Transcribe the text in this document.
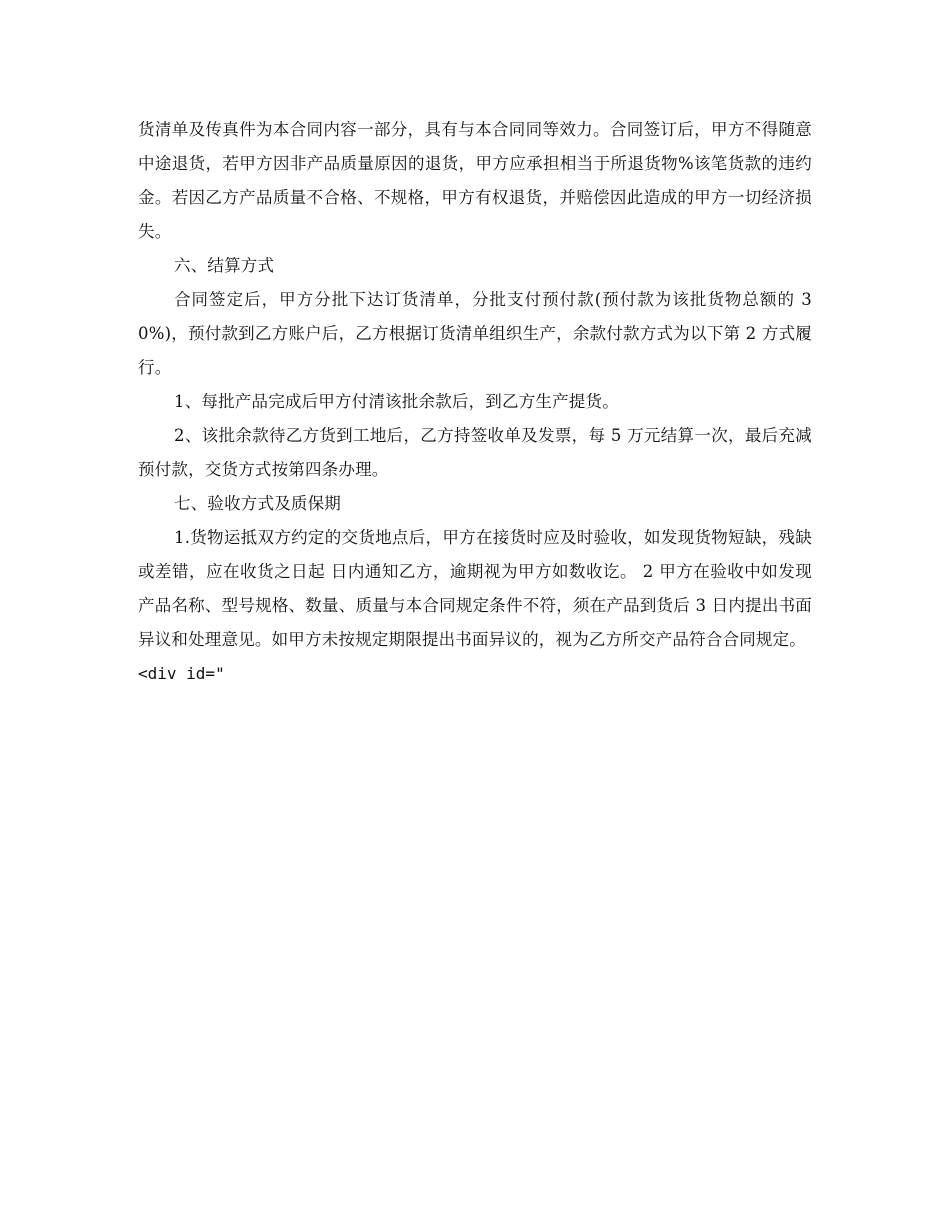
货清单及传真件为本合同内容一部分，具有与本合同同等效力。合同签订后，甲方不得随意中途退货，若甲方因非产品质量原因的退货，甲方应承担相当于所退货物%该笔货款的违约金。若因乙方产品质量不合格、不规格，甲方有权退货，并赔偿因此造成的甲方一切经济损失。

六、结算方式

合同签定后，甲方分批下达订货清单，分批支付预付款(预付款为该批货物总额的 30%)，预付款到乙方账户后，乙方根据订货清单组织生产，余款付款方式为以下第 2 方式履行。

1、每批产品完成后甲方付清该批余款后，到乙方生产提货。

2、该批余款待乙方货到工地后，乙方持签收单及发票，每 5 万元结算一次，最后充减预付款，交货方式按第四条办理。

七、验收方式及质保期

1.货物运抵双方约定的交货地点后，甲方在接货时应及时验收，如发现货物短缺，残缺或差错，应在收货之日起 日内通知乙方，逾期视为甲方如数收讫。 2 甲方在验收中如发现产品名称、型号规格、数量、质量与本合同规定条件不符，须在产品到货后 3 日内提出书面异议和处理意见。如甲方未按规定期限提出书面异议的，视为乙方所交产品符合合同规定。

<div id="
